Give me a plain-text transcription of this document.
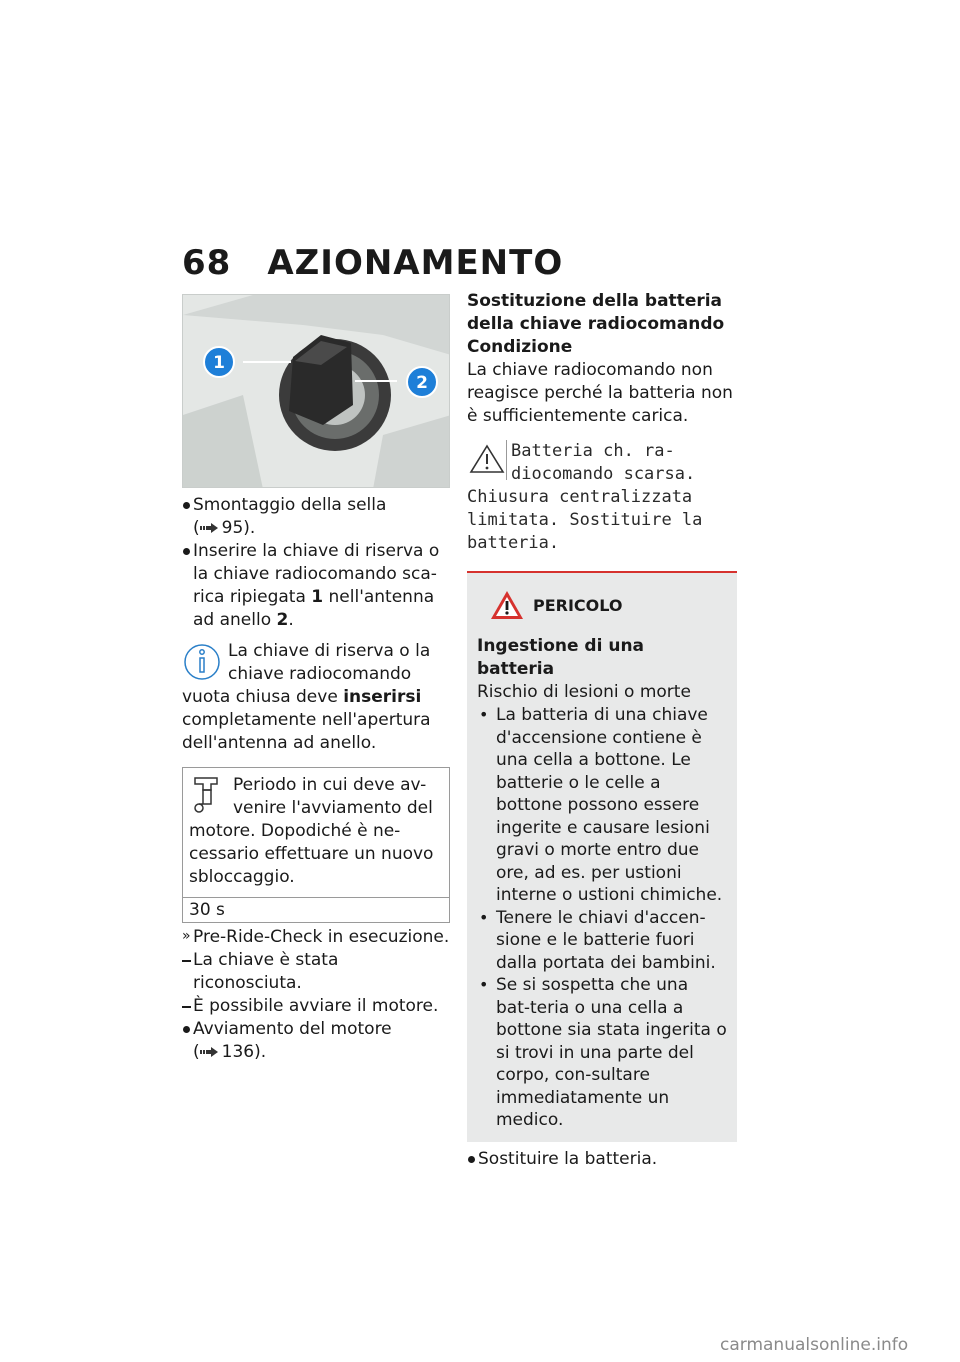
68 AZIONAMENTO
1
2
Smontaggio della sella
( 95).
Inserire la chiave di riserva o la chiave radiocomando sca-rica ripiegata 1 nell'antenna ad anello 2.

La chiave di riserva o la chiave radiocomando vuota chiusa deve inserirsi completamente nell'apertura dell'antenna ad anello.

Periodo in cui deve av-venire l'avviamento del motore. Dopodiché è ne-cessario effettuare un nuovo sbloccaggio.
30 s
» Pre-Ride-Check in esecuzione.
La chiave è stata riconosciuta.
È possibile avviare il motore.
Avviamento del motore
( 136).
Sostituzione della batteria della chiave radiocomando
Condizione

La chiave radiocomando non reagisce perché la batteria non è sufficientemente carica.

Batteria ch. ra-diocomando scarsa. Chiusura centralizzata limitata. Sostituire la batteria.
PERICOLO
Ingestione di una batteria

Rischio di lesioni o morte

• La batteria di una chiave d'accensione contiene è una cella a bottone. Le batterie o le celle a bottone possono essere ingerite e causare lesioni gravi o morte entro due ore, ad es. per ustioni interne o ustioni chimiche.
• Tenere le chiavi d'accen-sione e le batterie fuori dalla portata dei bambini.
• Se si sospetta che una bat-teria o una cella a bottone sia stata ingerita o si trovi in una parte del corpo, con-sultare immediatamente un medico.
Sostituire la batteria.
carmanualsonline.info
